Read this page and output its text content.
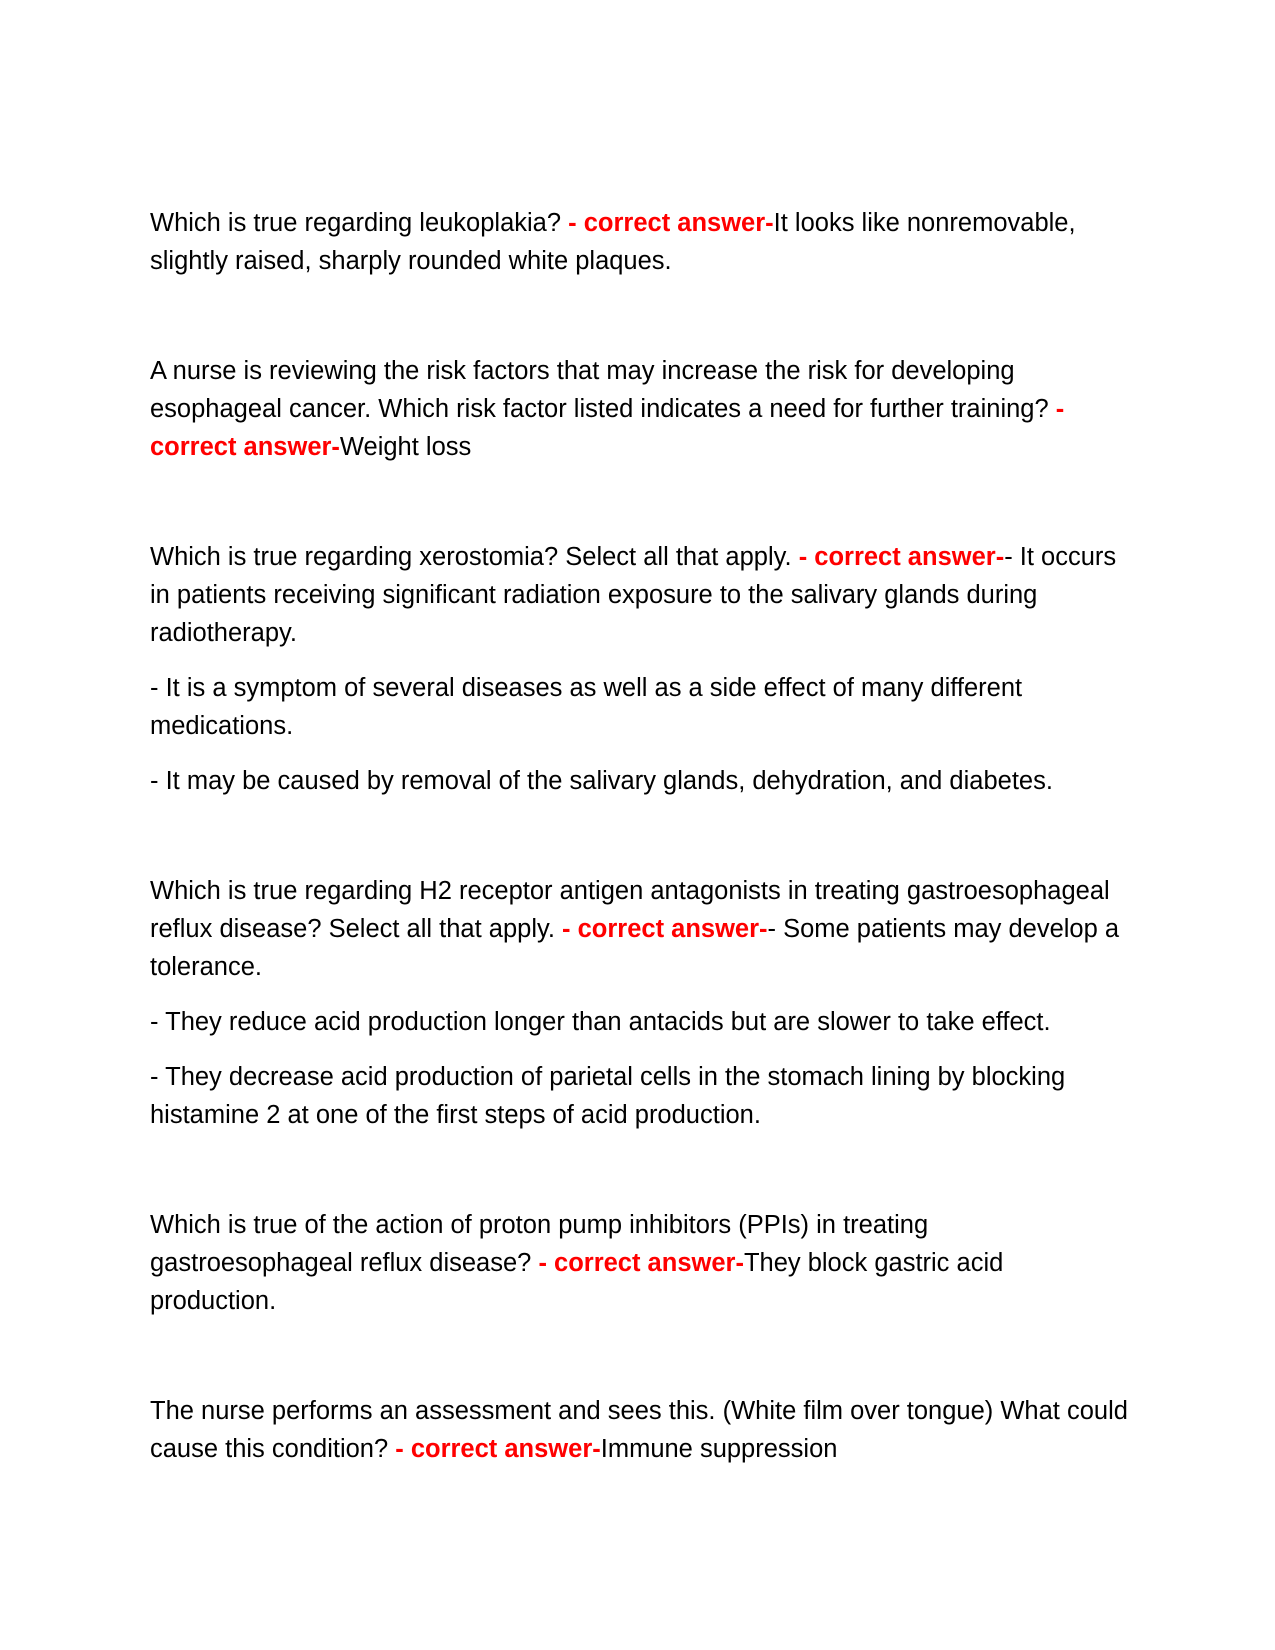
Which is true regarding leukoplakia? - correct answer-It looks like nonremovable, slightly raised, sharply rounded white plaques.

A nurse is reviewing the risk factors that may increase the risk for developing esophageal cancer. Which risk factor listed indicates a need for further training? - correct answer-Weight loss

Which is true regarding xerostomia? Select all that apply. - correct answer-- It occurs in patients receiving significant radiation exposure to the salivary glands during radiotherapy.

- It is a symptom of several diseases as well as a side effect of many different medications.

- It may be caused by removal of the salivary glands, dehydration, and diabetes.

Which is true regarding H2 receptor antigen antagonists in treating gastroesophageal reflux disease? Select all that apply. - correct answer-- Some patients may develop a tolerance.

- They reduce acid production longer than antacids but are slower to take effect.

- They decrease acid production of parietal cells in the stomach lining by blocking histamine 2 at one of the first steps of acid production.

Which is true of the action of proton pump inhibitors (PPIs) in treating gastroesophageal reflux disease? - correct answer-They block gastric acid production.

The nurse performs an assessment and sees this. (White film over tongue) What could cause this condition? - correct answer-Immune suppression
